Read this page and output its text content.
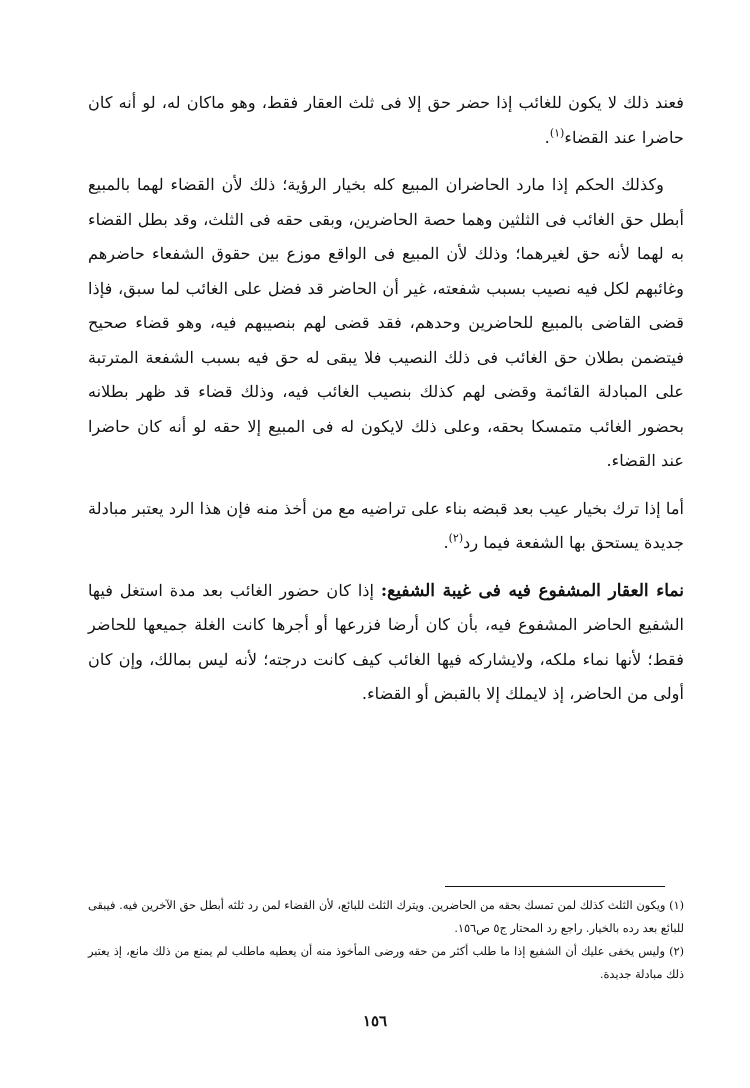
فعند ذلك لا يكون للغائب إذا حضر حق إلا فى ثلث العقار فقط، وهو ماكان له، لو أنه كان حاضرا عند القضاء$^{(١)}$.

وكذلك الحكم إذا مارد الحاضران المبيع كله بخيار الرؤية؛ ذلك لأن القضاء لهما بالمبيع أبطل حق الغائب فى الثلثين وهما حصة الحاضرين، وبقى حقه فى الثلث، وقد بطل القضاء به لهما لأنه حق لغيرهما؛ وذلك لأن المبيع فى الواقع موزع بين حقوق الشفعاء حاضرهم وغائبهم لكل فيه نصيب بسبب شفعته، غير أن الحاضر قد فضل على الغائب لما سبق، فإذا قضى القاضى بالمبيع للحاضرين وحدهم، فقد قضى لهم بنصيبهم فيه، وهو قضاء صحيح فيتضمن بطلان حق الغائب فى ذلك النصيب فلا يبقى له حق فيه بسبب الشفعة المترتبة على المبادلة القائمة وقضى لهم كذلك بنصيب الغائب فيه، وذلك قضاء قد ظهر بطلانه بحضور الغائب متمسكا بحقه، وعلى ذلك لايكون له فى المبيع إلا حقه لو أنه كان حاضرا عند القضاء.

أما إذا ترك بخيار عيب بعد قبضه بناء على تراضيه مع من أخذ منه فإن هذا الرد يعتبر مبادلة جديدة يستحق بها الشفعة فيما رد$^{(٢)}$.

نماء العقار المشفوع فيه فى غيبة الشفيع: إذا كان حضور الغائب بعد مدة استغل فيها الشفيع الحاضر المشفوع فيه، بأن كان أرضا فزرعها أو أجرها كانت الغلة جميعها للحاضر فقط؛ لأنها نماء ملكه، ولايشاركه فيها الغائب كيف كانت درجته؛ لأنه ليس بمالك، وإن كان أولى من الحاضر، إذ لايملك إلا بالقبض أو القضاء.

(١) ويكون الثلث كذلك لمن تمسك بحقه من الحاضرين. ويترك الثلث للبائع، لأن القضاء لمن رد ثلثه أبطل حق الآخرين فيه. فيبقى للبائع بعد رده بالخيار. راجع رد المحتار ج٥ ص١٥٦.

(٢) وليس يخفى عليك أن الشفيع إذا ما طلب أكثر من حقه ورضى المأخوذ منه أن يعطيه ماطلب لم يمنع من ذلك مانع، إذ يعتبر ذلك مبادلة جديدة.

١٥٦
